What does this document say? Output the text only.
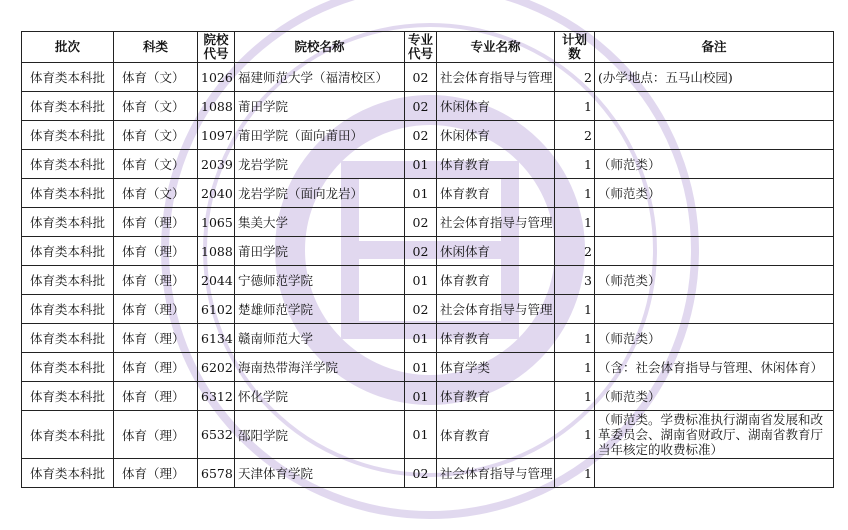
批次	科类	院校代号	院校名称	专业代号	专业名称	计划数	备注
体育类本科批	体育（文）	1026	福建师范大学（福清校区）	02	社会体育指导与管理	2	(办学地点：五马山校园)
体育类本科批	体育（文）	1088	莆田学院	02	休闲体育	1	
体育类本科批	体育（文）	1097	莆田学院（面向莆田）	02	休闲体育	2	
体育类本科批	体育（文）	2039	龙岩学院	01	体育教育	1	（师范类）
体育类本科批	体育（文）	2040	龙岩学院（面向龙岩）	01	体育教育	1	（师范类）
体育类本科批	体育（理）	1065	集美大学	02	社会体育指导与管理	1	
体育类本科批	体育（理）	1088	莆田学院	02	休闲体育	2	
体育类本科批	体育（理）	2044	宁德师范学院	01	体育教育	3	（师范类）
体育类本科批	体育（理）	6102	楚雄师范学院	02	社会体育指导与管理	1	
体育类本科批	体育（理）	6134	赣南师范大学	01	体育教育	1	（师范类）
体育类本科批	体育（理）	6202	海南热带海洋学院	01	体育学类	1	（含：社会体育指导与管理、休闲体育）
体育类本科批	体育（理）	6312	怀化学院	01	体育教育	1	（师范类）
体育类本科批	体育（理）	6532	邵阳学院	01	体育教育	1	（师范类。学费标准执行湖南省发展和改革委员会、湖南省财政厅、湖南省教育厅当年核定的收费标准）
体育类本科批	体育（理）	6578	天津体育学院	02	社会体育指导与管理	1	
